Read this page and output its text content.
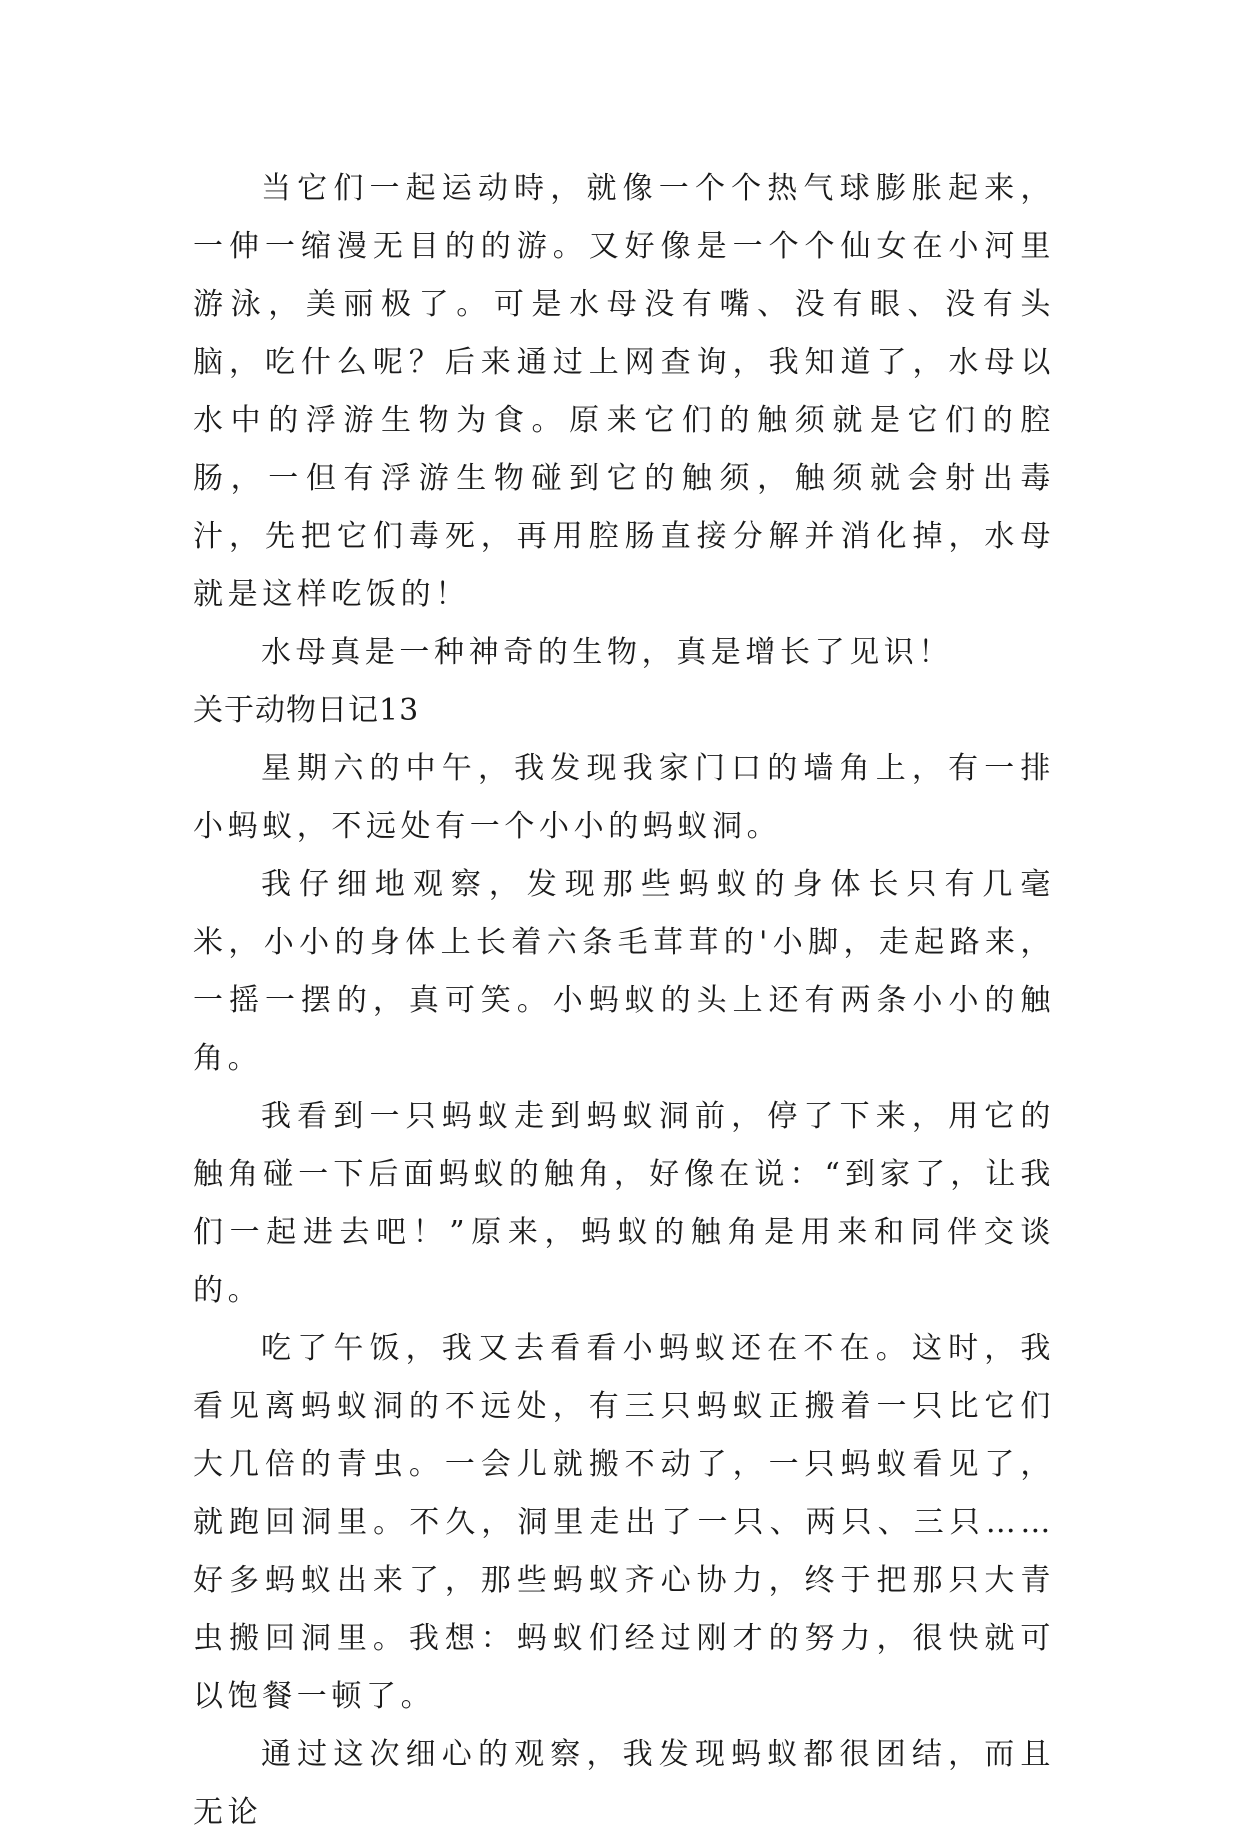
当它们一起运动時，就像一个个热气球膨胀起来，一伸一缩漫无目的的游。又好像是一个个仙女在小河里游泳，美丽极了。可是水母没有嘴、没有眼、没有头脑，吃什么呢？后来通过上网查询，我知道了，水母以水中的浮游生物为食。原来它们的触须就是它们的腔肠，一但有浮游生物碰到它的触须，触须就会射出毒汁，先把它们毒死，再用腔肠直接分解并消化掉，水母就是这样吃饭的！

水母真是一种神奇的生物，真是增长了见识！

关于动物日记13

星期六的中午，我发现我家门口的墙角上，有一排小蚂蚁，不远处有一个小小的蚂蚁洞。

我仔细地观察，发现那些蚂蚁的身体长只有几毫米，小小的身体上长着六条毛茸茸的'小脚，走起路来，一摇一摆的，真可笑。小蚂蚁的头上还有两条小小的触角。

我看到一只蚂蚁走到蚂蚁洞前，停了下来，用它的触角碰一下后面蚂蚁的触角，好像在说：“到家了，让我们一起进去吧！”原来，蚂蚁的触角是用来和同伴交谈的。

吃了午饭，我又去看看小蚂蚁还在不在。这时，我看见离蚂蚁洞的不远处，有三只蚂蚁正搬着一只比它们大几倍的青虫。一会儿就搬不动了，一只蚂蚁看见了，就跑回洞里。不久，洞里走出了一只、两只、三只……好多蚂蚁出来了，那些蚂蚁齐心协力，终于把那只大青虫搬回洞里。我想：蚂蚁们经过刚才的努力，很快就可以饱餐一顿了。

通过这次细心的观察，我发现蚂蚁都很团结，而且无论
